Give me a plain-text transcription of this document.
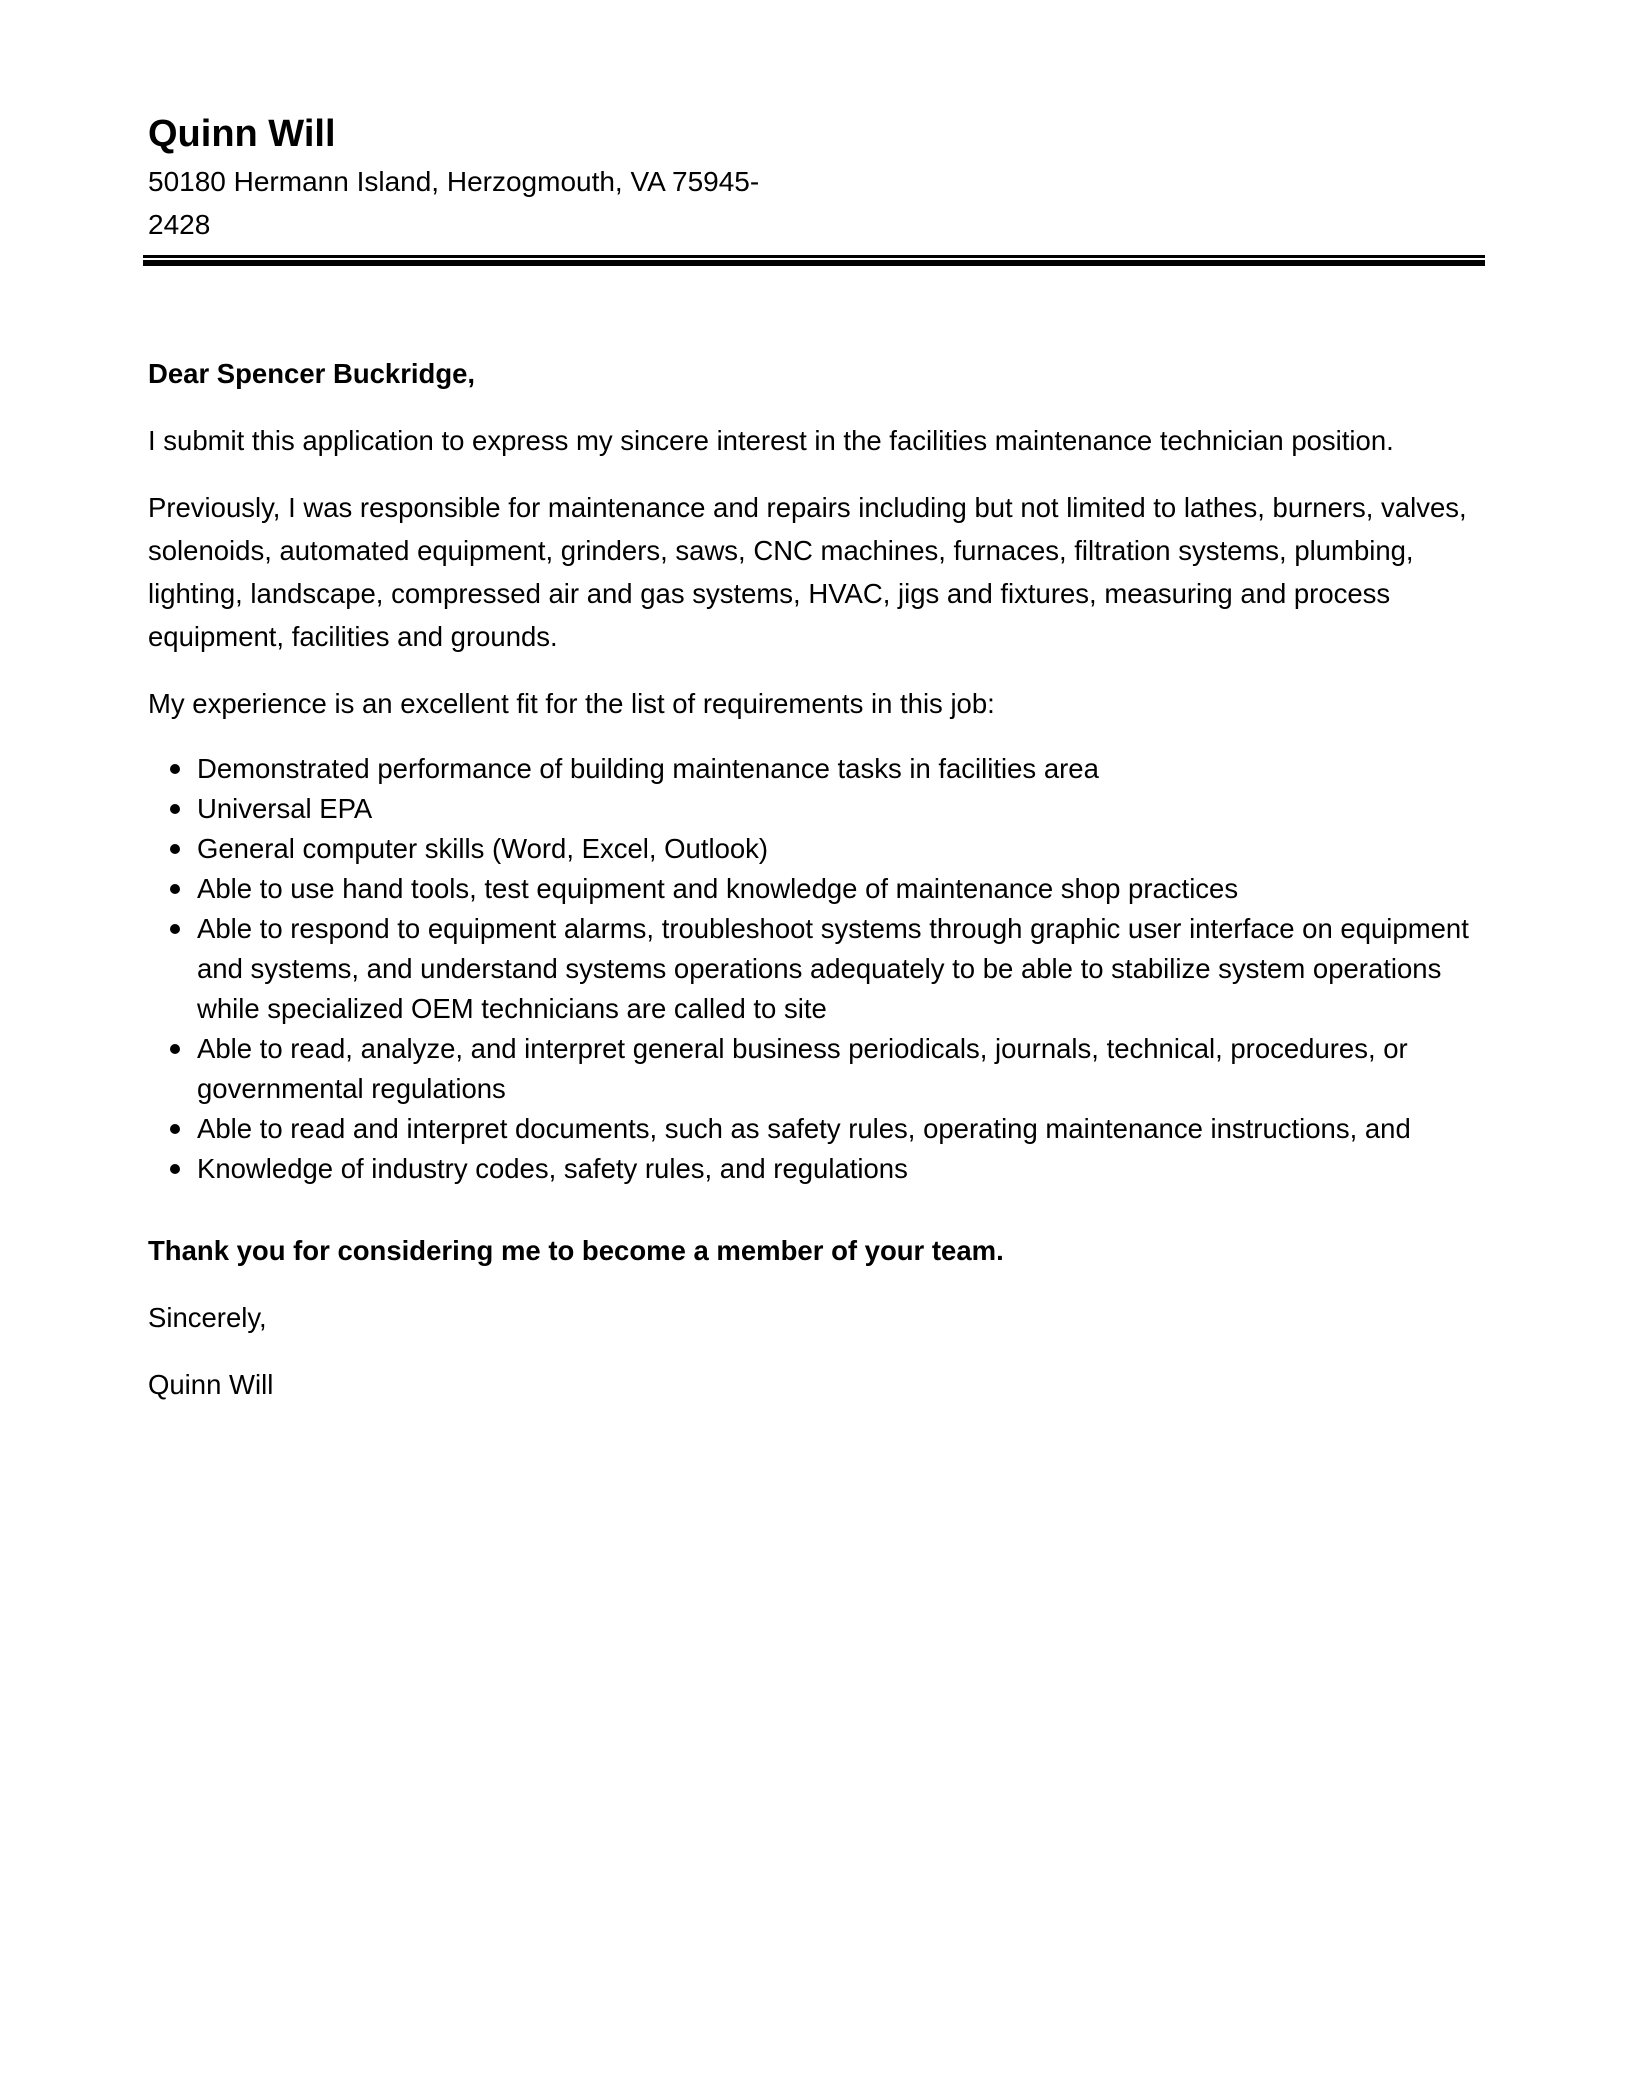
Quinn Will
50180 Hermann Island, Herzogmouth, VA 75945-
2428

Dear Spencer Buckridge,

I submit this application to express my sincere interest in the facilities maintenance technician position.

Previously, I was responsible for maintenance and repairs including but not limited to lathes, burners, valves, solenoids, automated equipment, grinders, saws, CNC machines, furnaces, filtration systems, plumbing, lighting, landscape, compressed air and gas systems, HVAC, jigs and fixtures, measuring and process equipment, facilities and grounds.

My experience is an excellent fit for the list of requirements in this job:

Demonstrated performance of building maintenance tasks in facilities area
Universal EPA
General computer skills (Word, Excel, Outlook)
Able to use hand tools, test equipment and knowledge of maintenance shop practices
Able to respond to equipment alarms, troubleshoot systems through graphic user interface on equipment and systems, and understand systems operations adequately to be able to stabilize system operations while specialized OEM technicians are called to site
Able to read, analyze, and interpret general business periodicals, journals, technical, procedures, or governmental regulations
Able to read and interpret documents, such as safety rules, operating maintenance instructions, and
Knowledge of industry codes, safety rules, and regulations

Thank you for considering me to become a member of your team.

Sincerely,

Quinn Will
